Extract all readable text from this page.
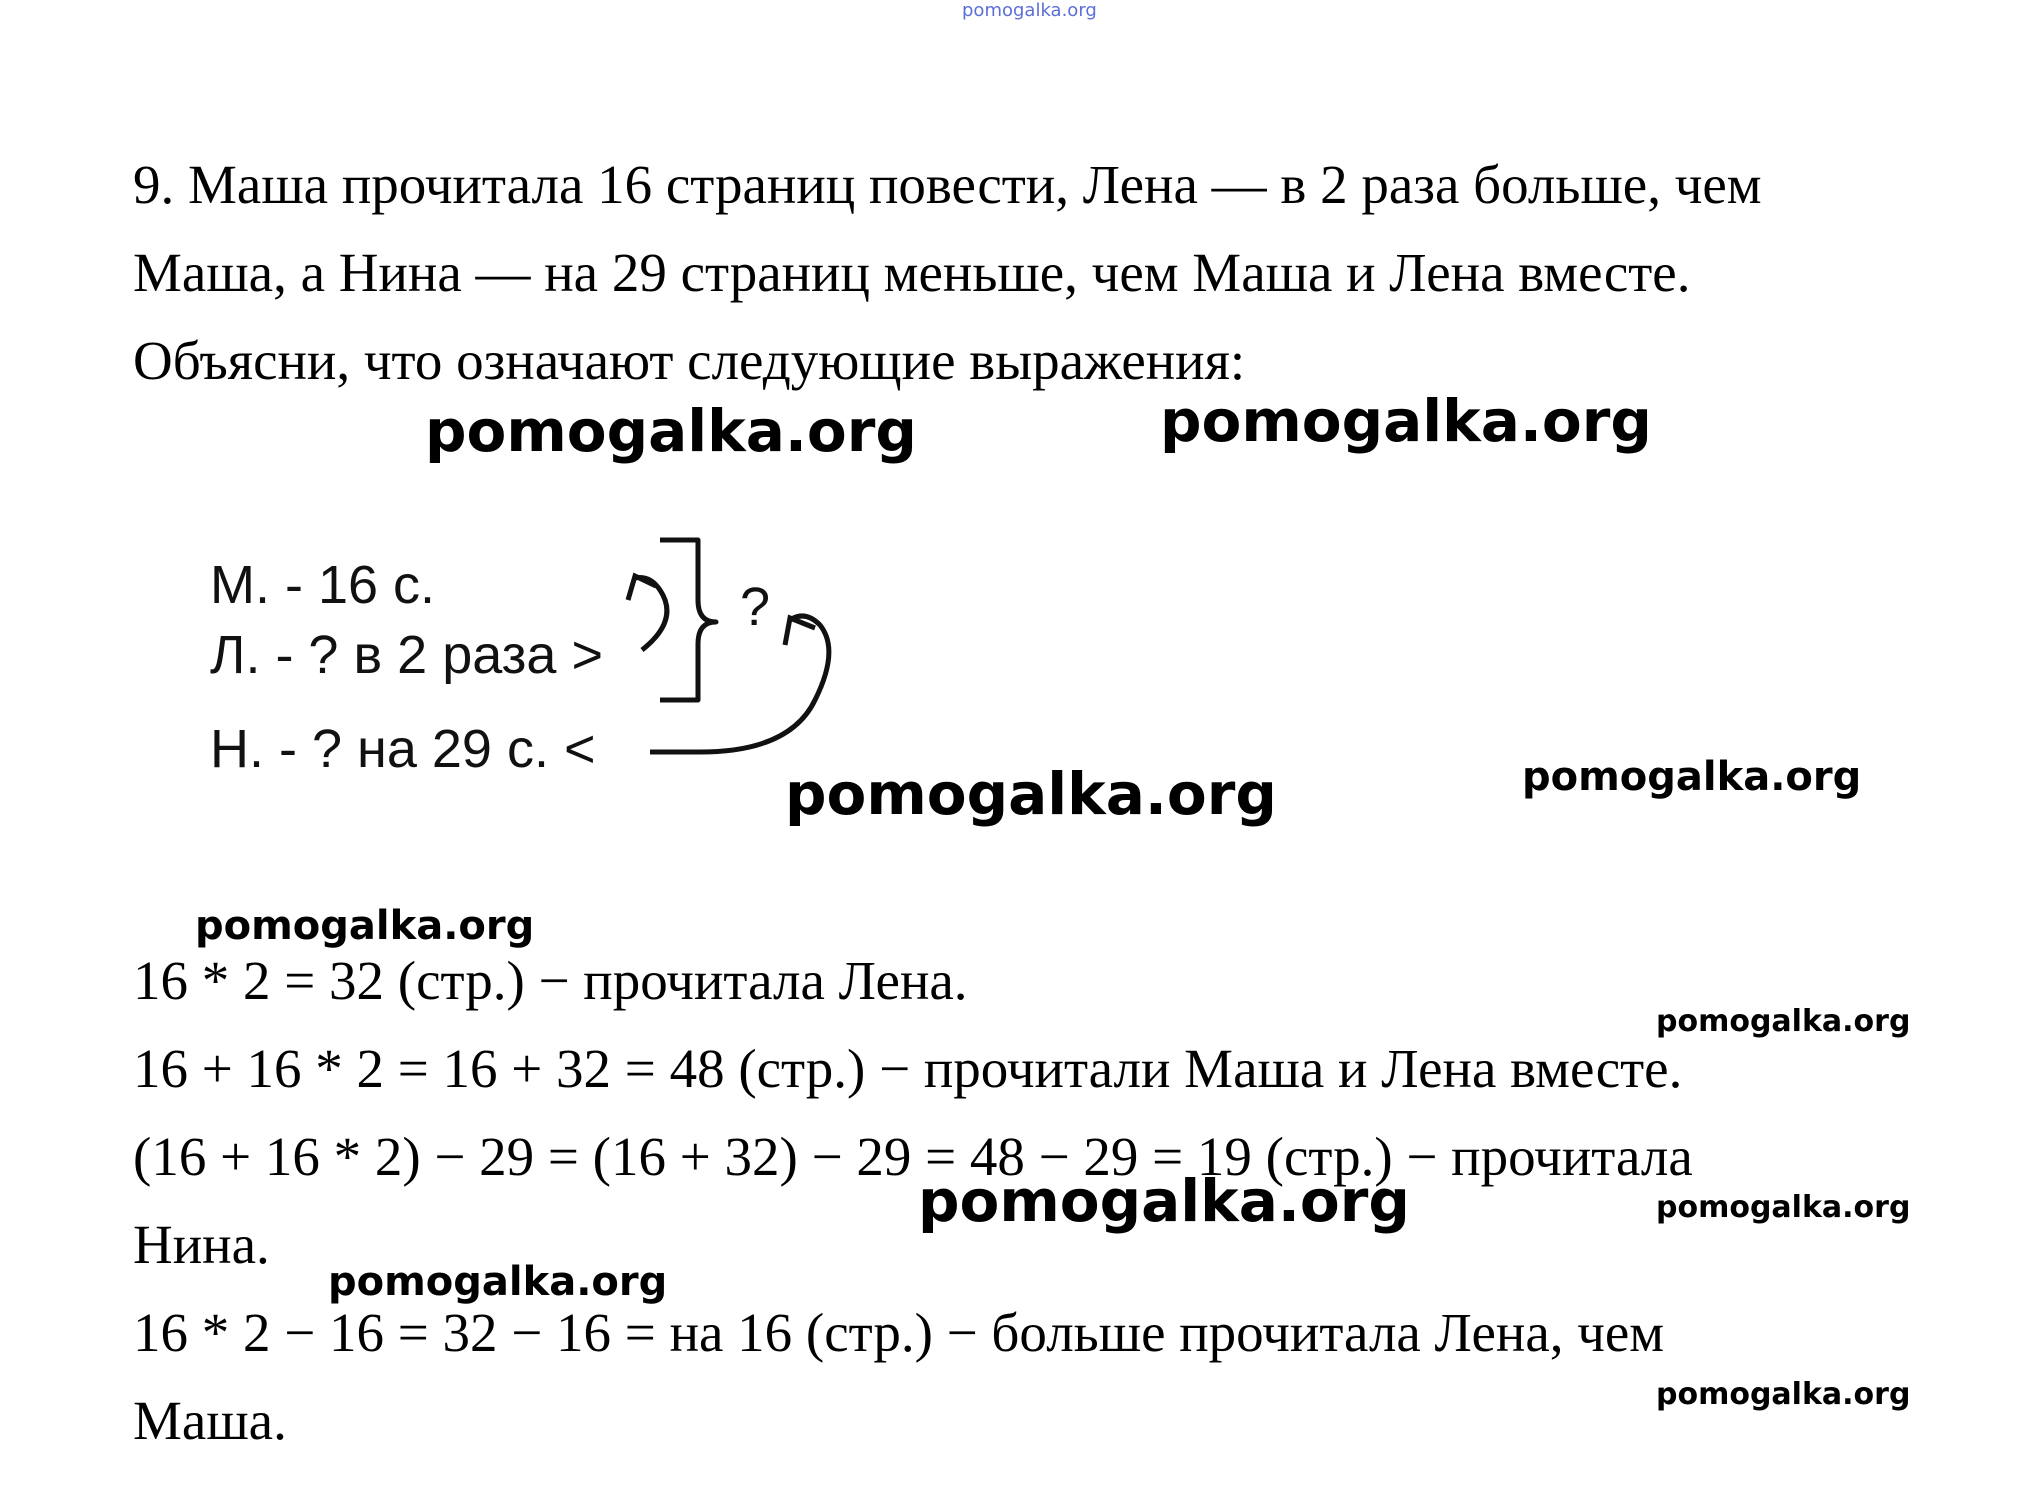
pomogalka.org
9. Маша прочитала 16 страниц повести, Лена — в 2 раза больше, чем
Маша, а Нина — на 29 страниц меньше, чем Маша и Лена вместе.
Объясни, что означают следующие выражения:
pomogalka.org	pomogalka.org
М. - 16 с.
Л. - ? в 2 раза >
Н. - ? на 29 с. <
?
pomogalka.org	pomogalka.org
pomogalka.org
16 * 2 = 32 (стр.) − прочитала Лена.
pomogalka.org
16 + 16 * 2 = 16 + 32 = 48 (стр.) − прочитали Маша и Лена вместе.
(16 + 16 * 2) − 29 = (16 + 32) − 29 = 48 − 29 = 19 (стр.) − прочитала
pomogalka.org	pomogalka.org
Нина.
pomogalka.org
16 * 2 − 16 = 32 − 16 = на 16 (стр.) − больше прочитала Лена, чем
pomogalka.org
Маша.
